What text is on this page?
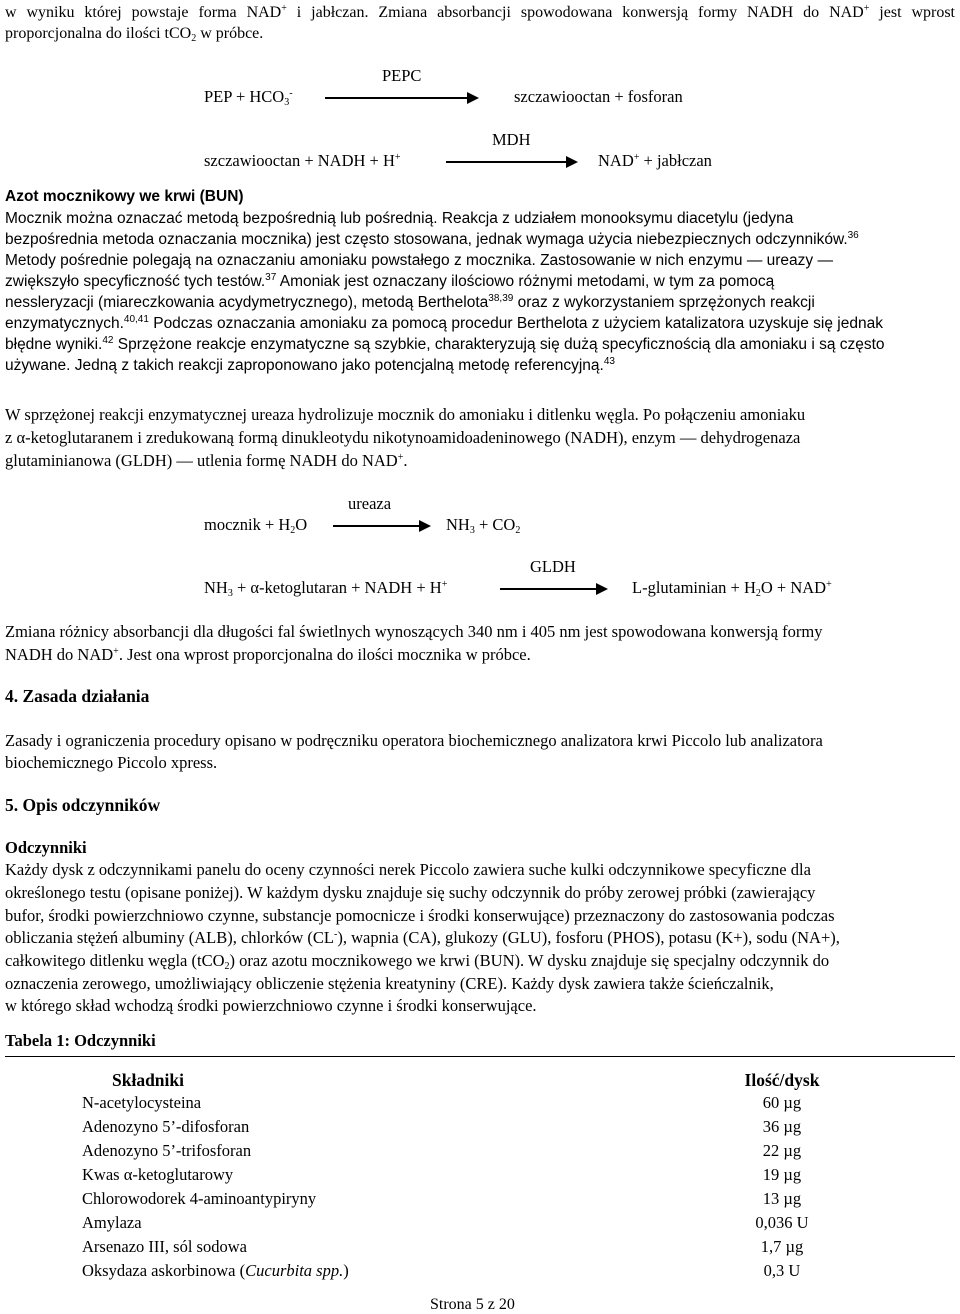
w wyniku której powstaje forma NAD+ i jabłczan. Zmiana absorbancji spowodowana konwersją formy NADH do NAD+ jest wprost proporcjonalna do ilości tCO$_2$ w próbce.

PEPC
PEP + $HCO_3^-$	szczawiooctan + fosforan
MDH
szczawiooctan + NADH + H+	NAD+ + jabłczan
Azot mocznikowy we krwi (BUN)
Mocznik można oznaczać metodą bezpośrednią lub pośrednią. Reakcja z udziałem monooksymu diacetylu (jedyna
bezpośrednia metoda oznaczania mocznika) jest często stosowana, jednak wymaga użycia niebezpiecznych odczynników.$^{36}$
Metody pośrednie polegają na oznaczaniu amoniaku powstałego z mocznika. Zastosowanie w nich enzymu — ureazy —
zwiększyło specyficzność tych testów.$^{37}$ Amoniak jest oznaczany ilościowo różnymi metodami, w tym za pomocą
nessleryzacji (miareczkowania acydymetrycznego), metodą Berthelota$^{38,39}$ oraz z wykorzystaniem sprzężonych reakcji
enzymatycznych.$^{40,41}$ Podczas oznaczania amoniaku za pomocą procedur Berthelota z użyciem katalizatora uzyskuje się jednak
błędne wyniki.$^{42}$ Sprzężone reakcje enzymatyczne są szybkie, charakteryzują się dużą specyficznością dla amoniaku i są często
używane. Jedną z takich reakcji zaproponowano jako potencjalną metodę referencyjną.$^{43}$
W sprzężonej reakcji enzymatycznej ureaza hydrolizuje mocznik do amoniaku i ditlenku węgla. Po połączeniu amoniaku
z α-ketoglutaranem i zredukowaną formą dinukleotydu nikotynoamidoadeninowego (NADH), enzym — dehydrogenaza
glutaminianowa (GLDH) — utlenia formę NADH do NAD+.
ureaza
mocznik + $H_2O$	$NH_3 + CO_2$
GLDH
$NH_3$ + α-ketoglutaran + NADH + H+	L-glutaminian + $H_2O + NAD^+$
Zmiana różnicy absorbancji dla długości fal świetlnych wynoszących 340 nm i 405 nm jest spowodowana konwersją formy
NADH do NAD+. Jest ona wprost proporcjonalna do ilości mocznika w próbce.
4. Zasada działania
Zasady i ograniczenia procedury opisano w podręczniku operatora biochemicznego analizatora krwi Piccolo lub analizatora
biochemicznego Piccolo xpress.
5. Opis odczynników
Odczynniki
Każdy dysk z odczynnikami panelu do oceny czynności nerek Piccolo zawiera suche kulki odczynnikowe specyficzne dla
określonego testu (opisane poniżej). W każdym dysku znajduje się suchy odczynnik do próby zerowej próbki (zawierający
bufor, środki powierzchniowo czynne, substancje pomocnicze i środki konserwujące) przeznaczony do zastosowania podczas
obliczania stężeń albuminy (ALB), chlorków (CL-), wapnia (CA), glukozy (GLU), fosforu (PHOS), potasu (K+), sodu (NA+),
całkowitego ditlenku węgla (tCO$_2$) oraz azotu mocznikowego we krwi (BUN). W dysku znajduje się specjalny odczynnik do
oznaczenia zerowego, umożliwiający obliczenie stężenia kreatyniny (CRE). Każdy dysk zawiera także ścieńczalnik,
w którego skład wchodzą środki powierzchniowo czynne i środki konserwujące.
Tabela 1: Odczynniki
Składniki	Ilość/dysk
N-acetylocysteina	60 µg
Adenozyno 5’-difosforan	36 µg
Adenozyno 5’-trifosforan	22 µg
Kwas α-ketoglutarowy	19 µg
Chlorowodorek 4-aminoantypiryny	13 µg
Amylaza	0,036 U
Arsenazo III, sól sodowa	1,7 µg
Oksydaza askorbinowa (Cucurbita spp.)	0,3 U
Strona 5 z 20
